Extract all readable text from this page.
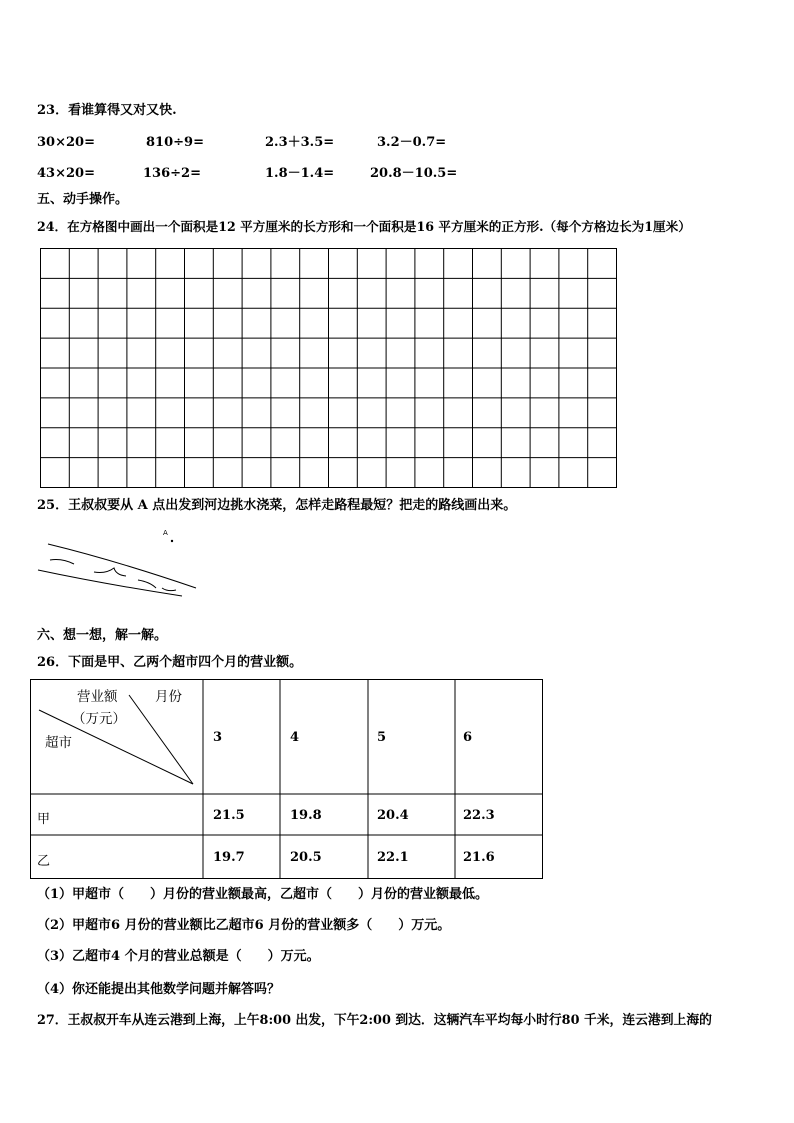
23．看谁算得又对又快.
30×20=	810÷9=	2.3＋3.5=	3.2－0.7=
43×20=	136÷2=	1.8－1.4=	20.8－10.5=
五、动手操作。
24．在方格图中画出一个面积是12 平方厘米的长方形和一个面积是16 平方厘米的正方形.（每个方格边长为1厘米）
25．王叔叔要从 A 点出发到河边挑水浇菜，怎样走路程最短？把走的路线画出来。
A
六、想一想，解一解。
26．下面是甲、乙两个超市四个月的营业额。
营业额	月份
（万元）
超市	3	4	5	6
甲	21.5	19.8	20.4	22.3
乙	19.7	20.5	22.1	21.6
（1）甲超市（　　）月份的营业额最高，乙超市（　　）月份的营业额最低。
（2）甲超市6 月份的营业额比乙超市6 月份的营业额多（　　）万元。
（3）乙超市4 个月的营业总额是（　　）万元。
（4）你还能提出其他数学问题并解答吗？
27．王叔叔开车从连云港到上海，上午8:00 出发，下午2:00 到达．这辆汽车平均每小时行80 千米，连云港到上海的
